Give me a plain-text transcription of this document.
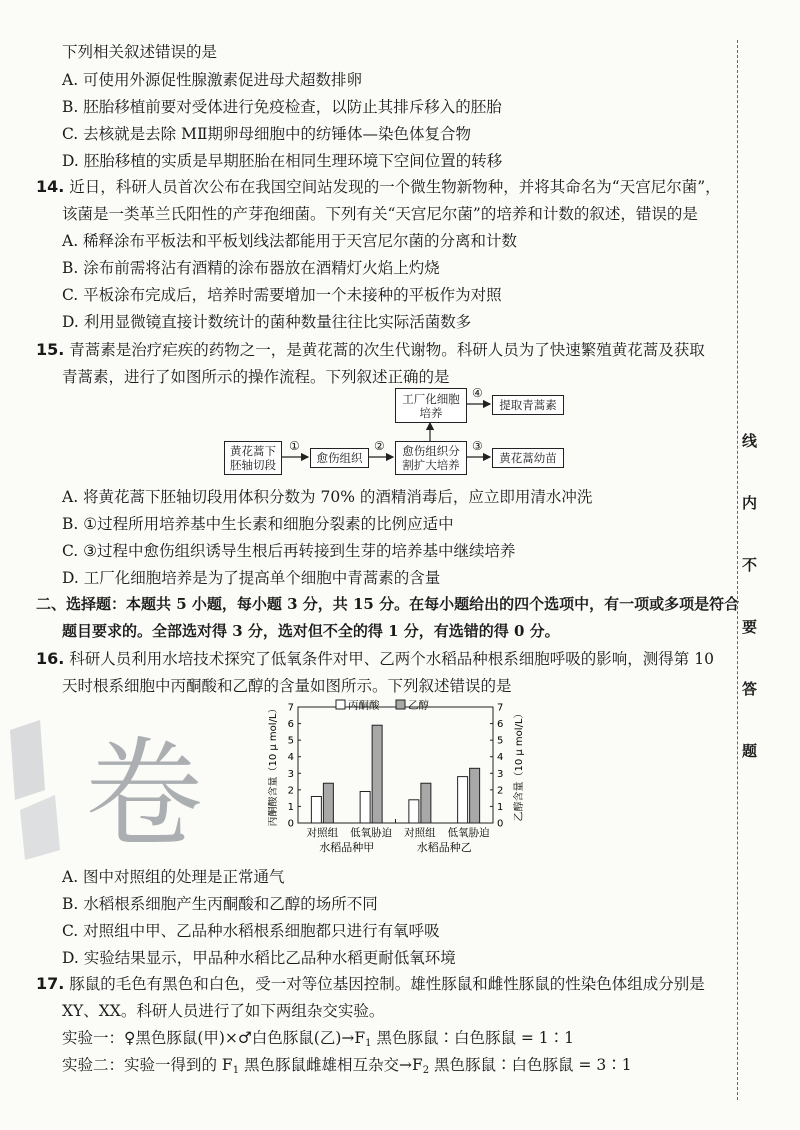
下列相关叙述错误的是
A. 可使用外源促性腺激素促进母犬超数排卵
B. 胚胎移植前要对受体进行免疫检查，以防止其排斥移入的胚胎
C. 去核就是去除 MⅡ期卵母细胞中的纺锤体—染色体复合物
D. 胚胎移植的实质是早期胚胎在相同生理环境下空间位置的转移
14. 近日，科研人员首次公布在我国空间站发现的一个微生物新物种，并将其命名为“天宫尼尔菌”，
该菌是一类革兰氏阳性的产芽孢细菌。下列有关“天宫尼尔菌”的培养和计数的叙述，错误的是
A. 稀释涂布平板法和平板划线法都能用于天宫尼尔菌的分离和计数
B. 涂布前需将沾有酒精的涂布器放在酒精灯火焰上灼烧
C. 平板涂布完成后，培养时需要增加一个未接种的平板作为对照
D. 利用显微镜直接计数统计的菌种数量往往比实际活菌数多
15. 青蒿素是治疗疟疾的药物之一，是黄花蒿的次生代谢物。科研人员为了快速繁殖黄花蒿及获取
青蒿素，进行了如图所示的操作流程。下列叙述正确的是
黄花蒿下
胚轴切段	愈伤组织	愈伤组织分
割扩大培养
工厂化细胞
培养
提取青蒿素
黄花蒿幼苗
①	②	③
④
A. 将黄花蒿下胚轴切段用体积分数为 70% 的酒精消毒后，应立即用清水冲洗
B. ①过程所用培养基中生长素和细胞分裂素的比例应适中
C. ③过程中愈伤组织诱导生根后再转接到生芽的培养基中继续培养
D. 工厂化细胞培养是为了提高单个细胞中青蒿素的含量
二、选择题：本题共 5 小题，每小题 3 分，共 15 分。在每小题给出的四个选项中，有一项或多项是符合
题目要求的。全部选对得 3 分，选对但不全的得 1 分，有选错的得 0 分。
16. 科研人员利用水培技术探究了低氧条件对甲、乙两个水稻品种根系细胞呼吸的影响，测得第 10
天时根系细胞中丙酮酸和乙醇的含量如图所示。下列叙述错误的是
卷	0	0
1	1
2	2
3	3
4	4
5	5
6	6
7	7
对照组 低氧胁迫 对照组 低氧胁迫
水稻品种甲	水稻品种乙
丙酮酸	乙醇
丙酮酸含量（10 μ mol/L）	乙醇含量（10 μ mol/L）
A. 图中对照组的处理是正常通气
B. 水稻根系细胞产生丙酮酸和乙醇的场所不同
C. 对照组中甲、乙品种水稻根系细胞都只进行有氧呼吸
D. 实验结果显示，甲品种水稻比乙品种水稻更耐低氧环境
17. 豚鼠的毛色有黑色和白色，受一对等位基因控制。雄性豚鼠和雌性豚鼠的性染色体组成分别是
XY、XX。科研人员进行了如下两组杂交实验。
实验一：♀黑色豚鼠(甲)×♂白色豚鼠(乙)$\to F_1$ 黑色豚鼠∶白色豚鼠 = 1∶1
实验二：实验一得到的 $F_1$ 黑色豚鼠雌雄相互杂交$\to F_2$ 黑色豚鼠∶白色豚鼠 = 3∶1
线
内
不
要
答
题
